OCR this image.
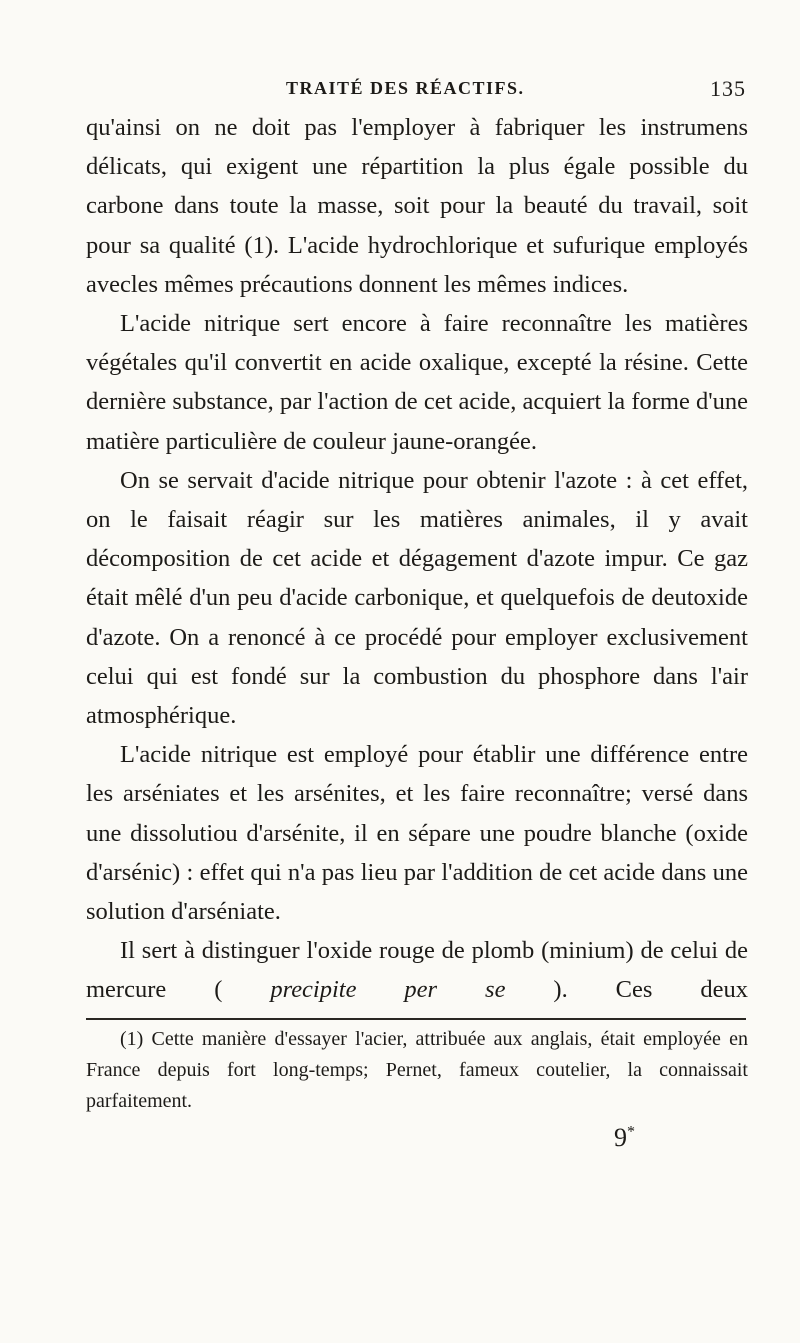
TRAITÉ DES RÉACTIFS.	135

qu'ainsi on ne doit pas l'employer à fabriquer les instrumens délicats, qui exigent une répartition la plus égale possible du carbone dans toute la masse, soit pour la beauté du travail, soit pour sa qualité (1). L'acide hydrochlorique et sufurique employés avecles mêmes précautions donnent les mêmes indices.

L'acide nitrique sert encore à faire reconnaître les matières végétales qu'il convertit en acide oxalique, excepté la résine. Cette dernière substance, par l'action de cet acide, acquiert la forme d'une matière particulière de couleur jaune-orangée.

On se servait d'acide nitrique pour obtenir l'azote : à cet effet, on le faisait réagir sur les matières animales, il y avait décomposition de cet acide et dégagement d'azote impur. Ce gaz était mêlé d'un peu d'acide carbonique, et quelquefois de deutoxide d'azote. On a renoncé à ce procédé pour employer exclusivement celui qui est fondé sur la combustion du phosphore dans l'air atmosphérique.

L'acide nitrique est employé pour établir une différence entre les arséniates et les arsénites, et les faire reconnaître; versé dans une dissolutiou d'arsénite, il en sépare une poudre blanche (oxide d'arsénic) : effet qui n'a pas lieu par l'addition de cet acide dans une solution d'arséniate.

Il sert à distinguer l'oxide rouge de plomb (minium) de celui de mercure ( precipite per se ). Ces deux

(1) Cette manière d'essayer l'acier, attribuée aux anglais, était employée en France depuis fort long-temps; Pernet, fameux coutelier, la connaissait parfaitement.

9*
